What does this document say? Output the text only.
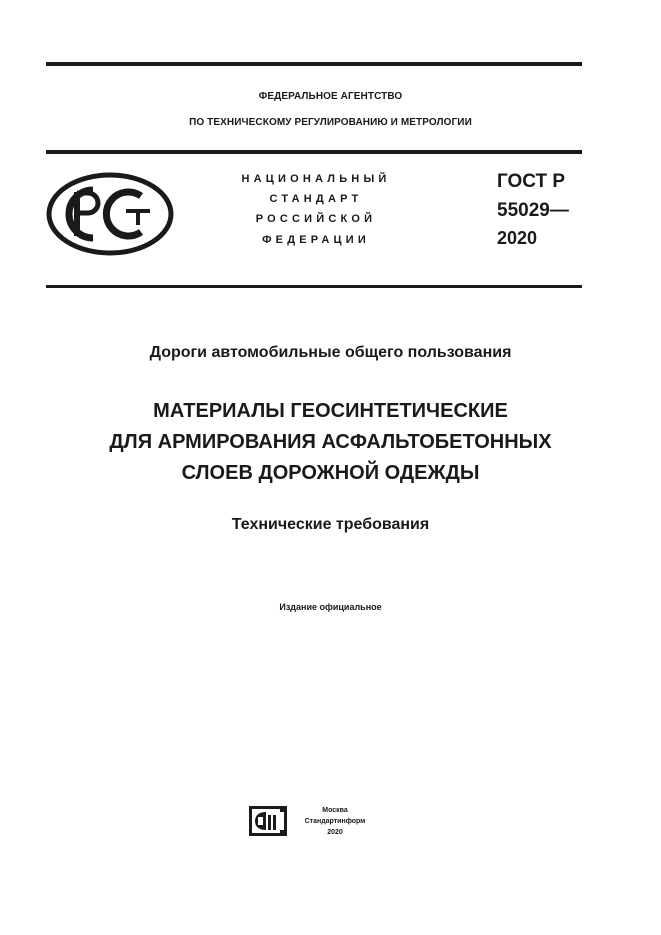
ФЕДЕРАЛЬНОЕ АГЕНТСТВО
ПО ТЕХНИЧЕСКОМУ РЕГУЛИРОВАНИЮ И МЕТРОЛОГИИ
НАЦИОНАЛЬНЫЙ
СТАНДАРТ
РОССИЙСКОЙ
ФЕДЕРАЦИИ
ГОСТ Р
55029—
2020
Дороги автомобильные общего пользования
МАТЕРИАЛЫ ГЕОСИНТЕТИЧЕСКИЕ
ДЛЯ АРМИРОВАНИЯ АСФАЛЬТОБЕТОННЫХ
СЛОЕВ ДОРОЖНОЙ ОДЕЖДЫ
Технические требования
Издание официальное
Москва
Стандартинформ
2020
